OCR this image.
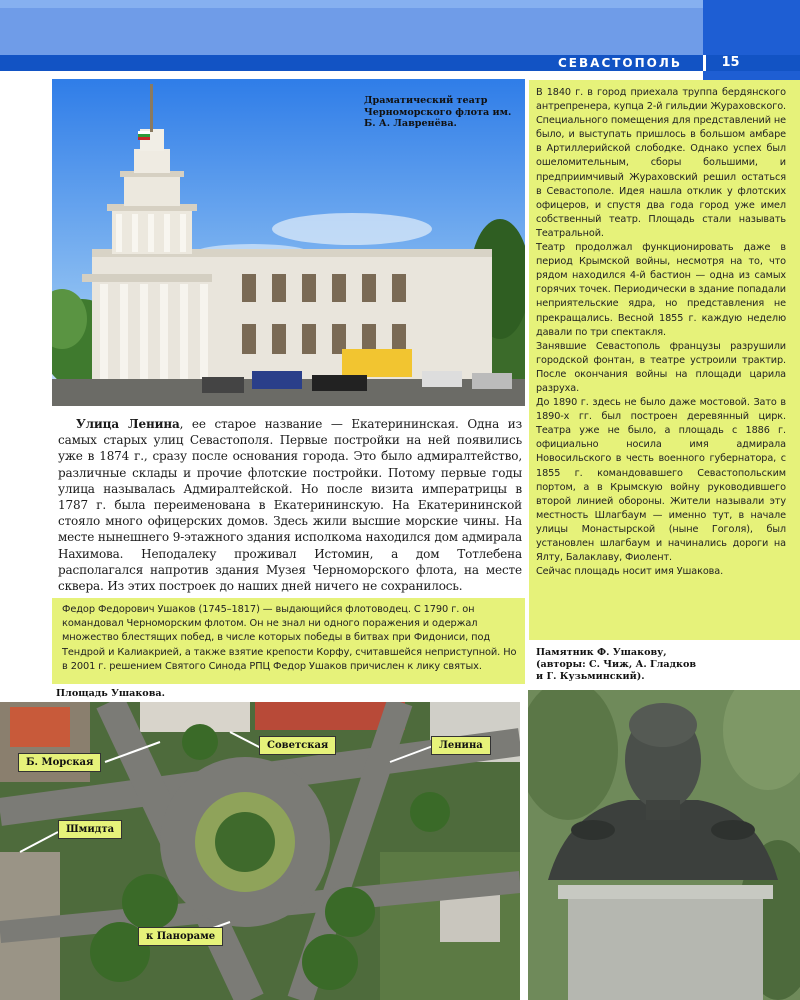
СЕВАСТОПОЛЬ	15
Драматический театр Черноморского флота им. Б. А. Лавренёва.
Улица Ленина, ее старое название — Екатерининская. Одна из самых старых улиц Севастополя. Первые постройки на ней появились уже в 1874 г., сразу после основания города. Это было адмиралтейство, различные склады и прочие флотские постройки. Потому первые годы улица называлась Адмиралтейской. Но после визита императрицы в 1787 г. была переименована в Екатерининскую. На Екатерининской стояло много офицерских домов. Здесь жили высшие морские чины. На месте нынешнего 9-этажного здания исполкома находился дом адмирала Нахимова. Неподалеку проживал Истомин, а дом Тотлебена располагался напротив здания Музея Черноморского флота, на месте сквера. Из этих построек до наших дней ничего не сохранилось.
Федор Федорович Ушаков (1745–1817) — выдающийся флотоводец. С 1790 г. он командовал Черноморским флотом. Он не знал ни одного поражения и одержал множество блестящих побед, в числе которых победы в битвах при Фидониси, под Тендрой и Калиакрией, а также взятие крепости Корфу, считавшейся неприступной. Но в 2001 г. решением Святого Синода РПЦ Федор Ушаков причислен к лику святых.
Площадь Ушакова.

В 1840 г. в город приехала труппа бердянского антрепренера, купца 2-й гильдии Жураховского. Специального помещения для представлений не было, и выступать пришлось в большом амбаре в Артиллерийской слободке. Однако успех был ошеломительным, сборы большими, и предприимчивый Жураховский решил остаться в Севастополе. Идея нашла отклик у флотских офицеров, и спустя два года город уже имел собственный театр. Площадь стали называть Театральной.

Театр продолжал функционировать даже в период Крымской войны, несмотря на то, что рядом находился 4-й бастион — одна из самых горячих точек. Периодически в здание попадали неприятельские ядра, но представления не прекращались. Весной 1855 г. каждую неделю давали по три спектакля.

Занявшие Севастополь французы разрушили городской фонтан, в театре устроили трактир. После окончания войны на площади царила разруха.

До 1890 г. здесь не было даже мостовой. Зато в 1890-х гг. был построен деревянный цирк. Театра уже не было, а площадь с 1886 г. официально носила имя адмирала Новосильского в честь военного губернатора, с 1855 г. командовавшего Севастопольским портом, а в Крымскую войну руководившего второй линией обороны. Жители называли эту местность Шлагбаум — именно тут, в начале улицы Монастырской (ныне Гоголя), был установлен шлагбаум и начинались дороги на Ялту, Балаклаву, Фиолент.

Сейчас площадь носит имя Ушакова.

Советская	Ленина
Б. Морская
Шмидта
к Панораме
Памятник Ф. Ушакову,
(авторы: С. Чиж, А. Гладков
и Г. Кузьминский).
